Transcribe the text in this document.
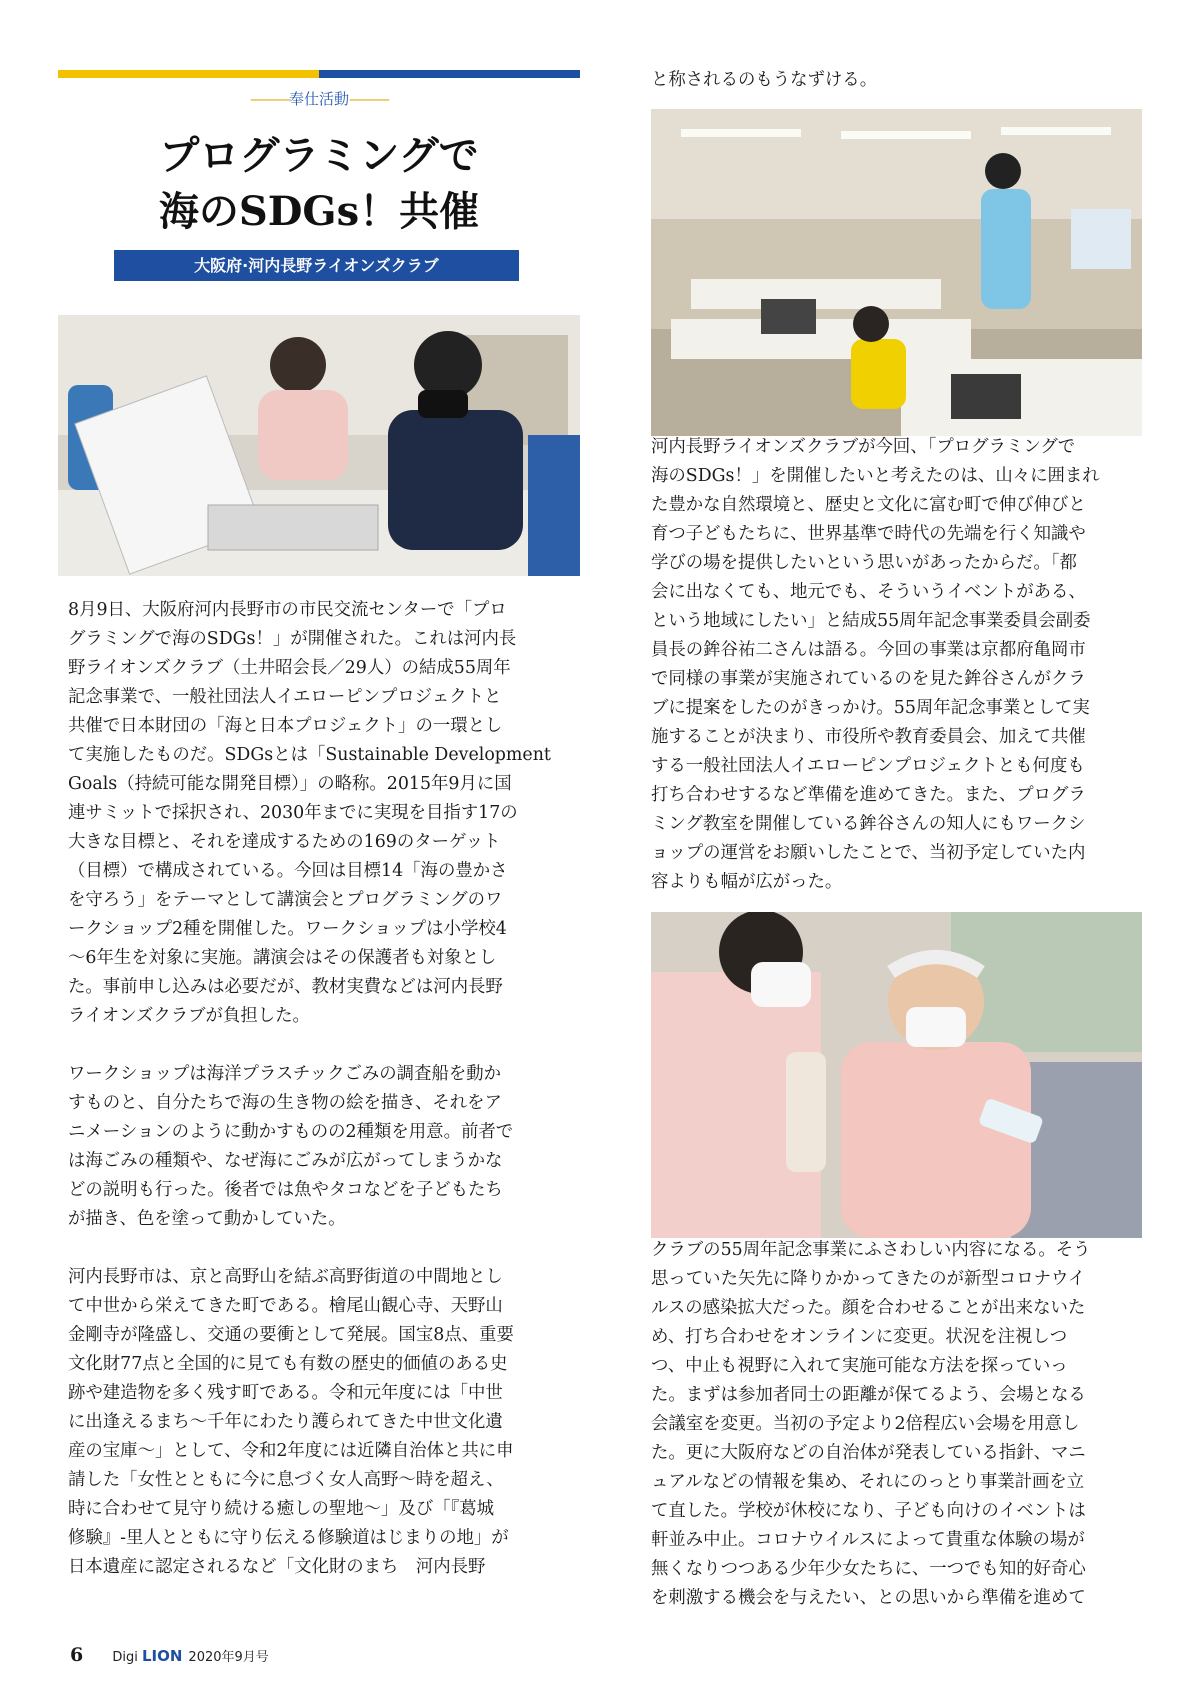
———奉仕活動———
プログラミングで
海のSDGs！共催
大阪府·河内長野ライオンズクラブ

8月9日、大阪府河内長野市の市民交流センターで「プロ
グラミングで海のSDGs！」が開催された。これは河内長
野ライオンズクラブ（土井昭会長／29人）の結成55周年
記念事業で、一般社団法人イエローピンプロジェクトと
共催で日本財団の「海と日本プロジェクト」の一環とし
て実施したものだ。SDGsとは「Sustainable Development
Goals（持続可能な開発目標）」の略称。2015年9月に国
連サミットで採択され、2030年までに実現を目指す17の
大きな目標と、それを達成するための169のターゲット
（目標）で構成されている。今回は目標14「海の豊かさ
を守ろう」をテーマとして講演会とプログラミングのワ
ークショップ2種を開催した。ワークショップは小学校4
～6年生を対象に実施。講演会はその保護者も対象とし
た。事前申し込みは必要だが、教材実費などは河内長野
ライオンズクラブが負担した。

ワークショップは海洋プラスチックごみの調査船を動か
すものと、自分たちで海の生き物の絵を描き、それをア
ニメーションのように動かすものの2種類を用意。前者で
は海ごみの種類や、なぜ海にごみが広がってしまうかな
どの説明も行った。後者では魚やタコなどを子どもたち
が描き、色を塗って動かしていた。

河内長野市は、京と高野山を結ぶ高野街道の中間地とし
て中世から栄えてきた町である。檜尾山観心寺、天野山
金剛寺が隆盛し、交通の要衝として発展。国宝8点、重要
文化財77点と全国的に見ても有数の歴史的価値のある史
跡や建造物を多く残す町である。令和元年度には「中世
に出逢えるまち～千年にわたり護られてきた中世文化遺
産の宝庫～」として、令和2年度には近隣自治体と共に申
請した「女性とともに今に息づく女人高野～時を超え、
時に合わせて見守り続ける癒しの聖地～」及び「『葛城
修験』-里人とともに守り伝える修験道はじまりの地」が
日本遺産に認定されるなど「文化財のまち　河内長野

と称されるのもうなずける。

河内長野ライオンズクラブが今回、「プログラミングで
海のSDGs！」を開催したいと考えたのは、山々に囲まれ
た豊かな自然環境と、歴史と文化に富む町で伸び伸びと
育つ子どもたちに、世界基準で時代の先端を行く知識や
学びの場を提供したいという思いがあったからだ。「都
会に出なくても、地元でも、そういうイベントがある、
という地域にしたい」と結成55周年記念事業委員会副委
員長の鉾谷祐二さんは語る。今回の事業は京都府亀岡市
で同様の事業が実施されているのを見た鉾谷さんがクラ
ブに提案をしたのがきっかけ。55周年記念事業として実
施することが決まり、市役所や教育委員会、加えて共催
する一般社団法人イエローピンプロジェクトとも何度も
打ち合わせするなど準備を進めてきた。また、プログラ
ミング教室を開催している鉾谷さんの知人にもワークシ
ョップの運営をお願いしたことで、当初予定していた内
容よりも幅が広がった。

クラブの55周年記念事業にふさわしい内容になる。そう
思っていた矢先に降りかかってきたのが新型コロナウイ
ルスの感染拡大だった。顔を合わせることが出来ないた
め、打ち合わせをオンラインに変更。状況を注視しつ
つ、中止も視野に入れて実施可能な方法を探っていっ
た。まずは参加者同士の距離が保てるよう、会場となる
会議室を変更。当初の予定より2倍程広い会場を用意し
た。更に大阪府などの自治体が発表している指針、マニ
ュアルなどの情報を集め、それにのっとり事業計画を立
て直した。学校が休校になり、子ども向けのイベントは
軒並み中止。コロナウイルスによって貴重な体験の場が
無くなりつつある少年少女たちに、一つでも知的好奇心
を刺激する機会を与えたい、との思いから準備を進めて

6 Digi LION 2020年9月号
